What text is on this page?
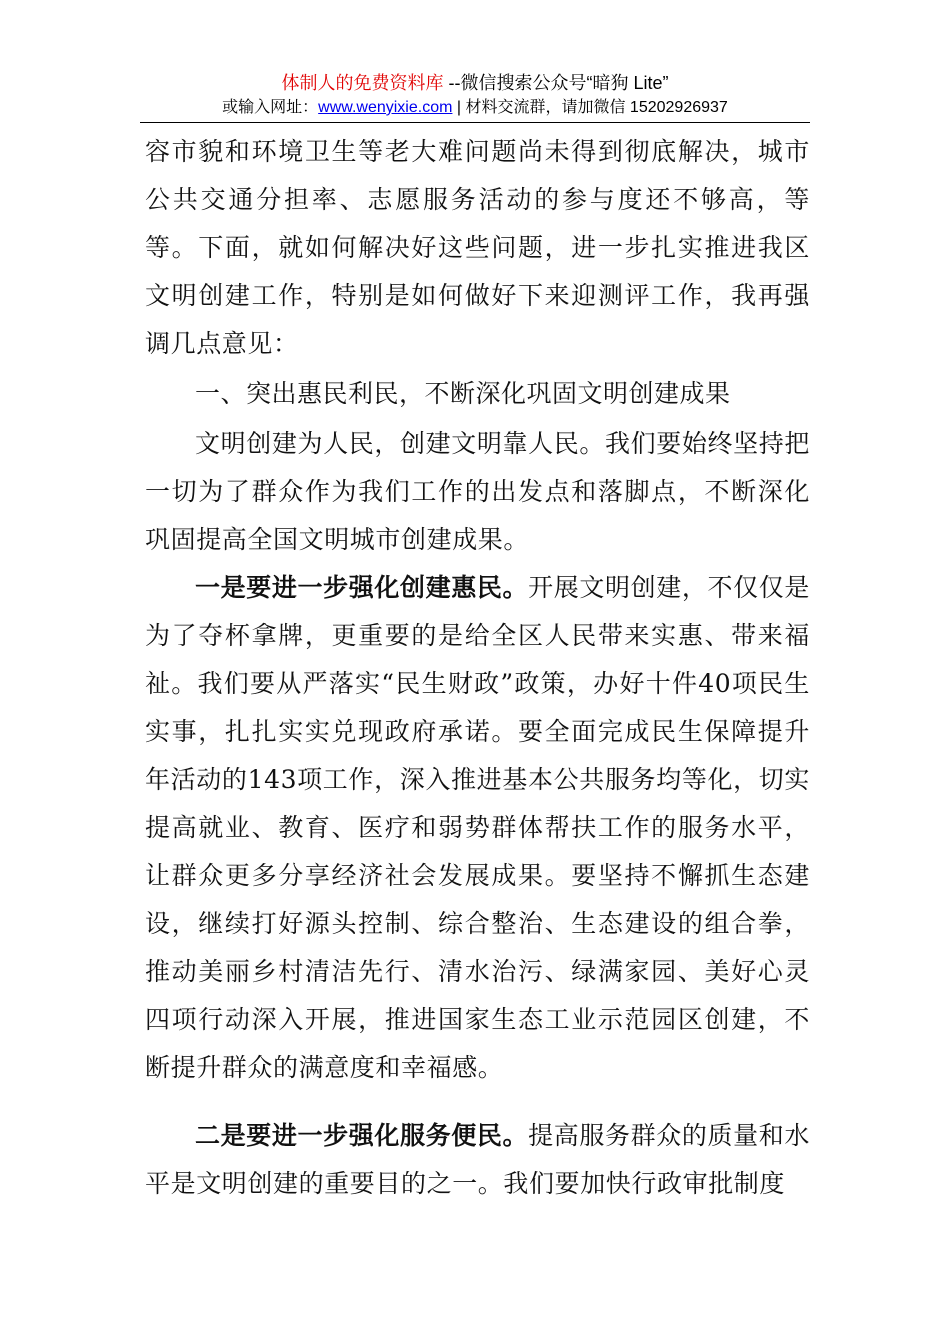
体制人的免费资料库 --微信搜索公众号“暗狗 Lite”
或输入网址：www.wenyixie.com | 材料交流群，请加微信 15202926937

容市貌和环境卫生等老大难问题尚未得到彻底解决，城市公共交通分担率、志愿服务活动的参与度还不够高，等等。下面，就如何解决好这些问题，进一步扎实推进我区文明创建工作，特别是如何做好下来迎测评工作，我再强调几点意见：

一、突出惠民利民，不断深化巩固文明创建成果

文明创建为人民，创建文明靠人民。我们要始终坚持把一切为了群众作为我们工作的出发点和落脚点，不断深化巩固提高全国文明城市创建成果。

一是要进一步强化创建惠民。开展文明创建，不仅仅是为了夺杯拿牌，更重要的是给全区人民带来实惠、带来福祉。我们要从严落实“民生财政”政策，办好十件40项民生实事，扎扎实实兑现政府承诺。要全面完成民生保障提升年活动的143项工作，深入推进基本公共服务均等化，切实提高就业、教育、医疗和弱势群体帮扶工作的服务水平，让群众更多分享经济社会发展成果。要坚持不懈抓生态建设，继续打好源头控制、综合整治、生态建设的组合拳，推动美丽乡村清洁先行、清水治污、绿满家园、美好心灵四项行动深入开展，推进国家生态工业示范园区创建，不断提升群众的满意度和幸福感。

二是要进一步强化服务便民。提高服务群众的质量和水平是文明创建的重要目的之一。我们要加快行政审批制度
